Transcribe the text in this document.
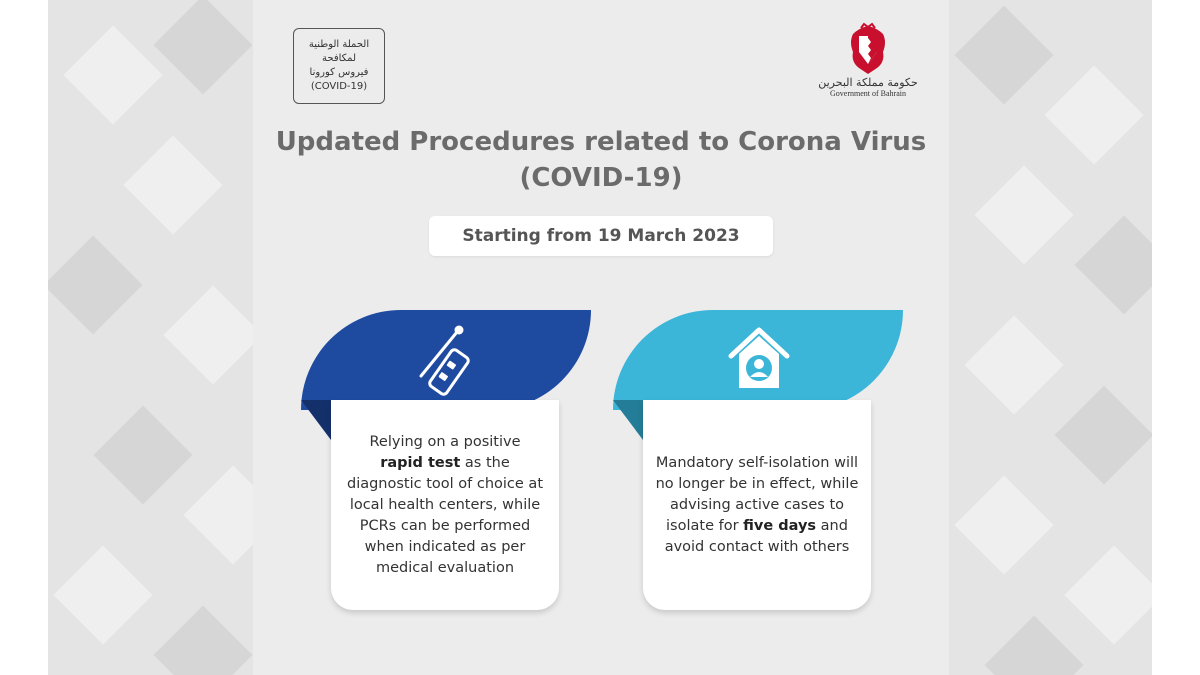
الحملة الوطنية
لمكافحة
فيروس كورونا
(COVID-19)	حكومة مملكة البحرين
Government of Bahrain
Updated Procedures related to Corona Virus
(COVID-19)
Starting from 19 March 2023
Relying on a positive
rapid test as the diagnostic tool of choice at local health centers, while PCRs can be performed when indicated as per medical evaluation
Mandatory self-isolation will no longer be in effect, while advising active cases to isolate for five days and avoid contact with others
